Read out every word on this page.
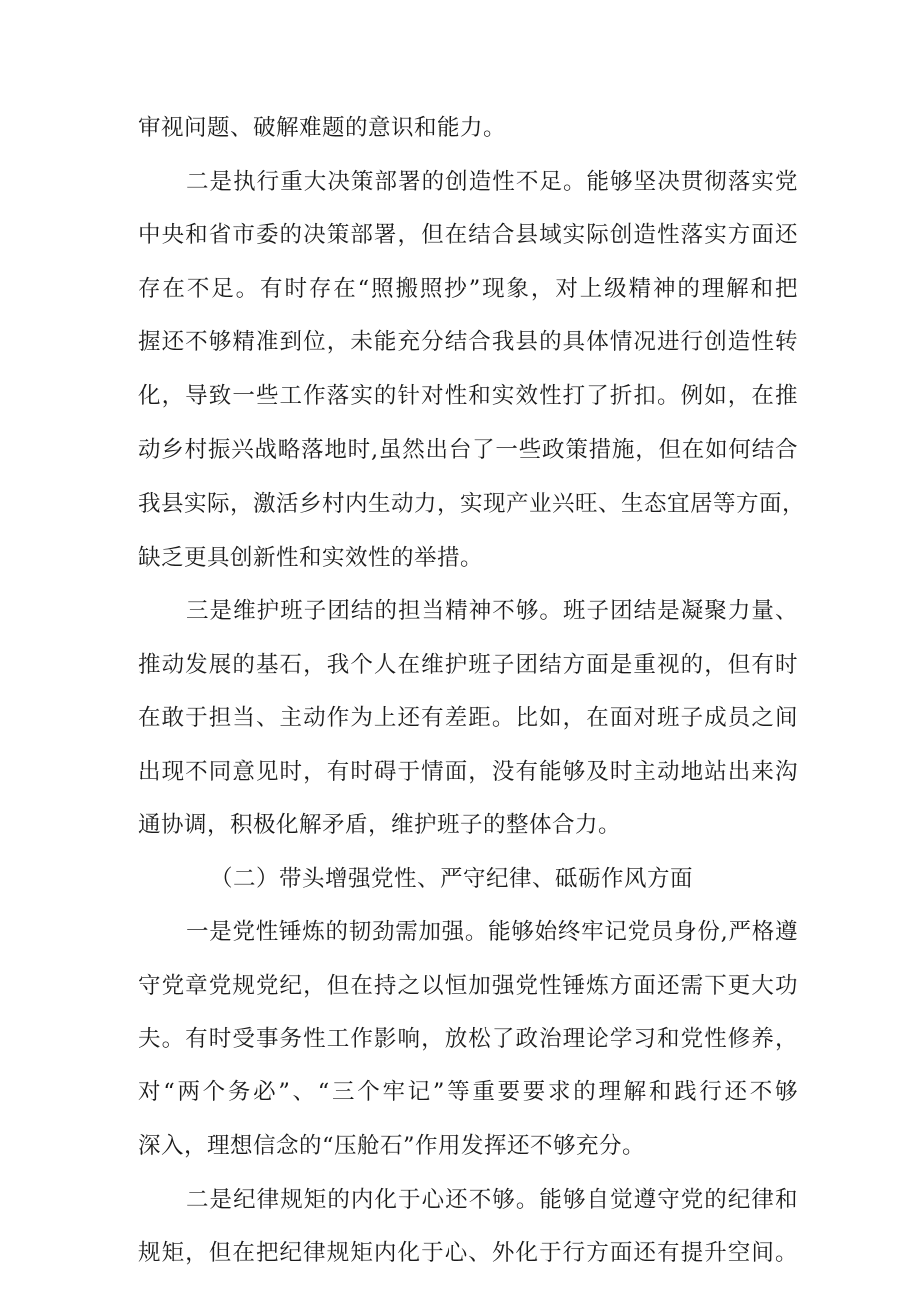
审视问题、破解难题的意识和能力。
二是执行重大决策部署的创造性不足。能够坚决贯彻落实党
中央和省市委的决策部署，但在结合县域实际创造性落实方面还
存在不足。有时存在“照搬照抄”现象，对上级精神的理解和把
握还不够精准到位，未能充分结合我县的具体情况进行创造性转
化，导致一些工作落实的针对性和实效性打了折扣。例如，在推
动乡村振兴战略落地时,虽然出台了一些政策措施，但在如何结合
我县实际，激活乡村内生动力，实现产业兴旺、生态宜居等方面，
缺乏更具创新性和实效性的举措。
三是维护班子团结的担当精神不够。班子团结是凝聚力量、
推动发展的基石，我个人在维护班子团结方面是重视的，但有时
在敢于担当、主动作为上还有差距。比如，在面对班子成员之间
出现不同意见时，有时碍于情面，没有能够及时主动地站出来沟
通协调，积极化解矛盾，维护班子的整体合力。
（二）带头增强党性、严守纪律、砥砺作风方面
一是党性锤炼的韧劲需加强。能够始终牢记党员身份,严格遵
守党章党规党纪，但在持之以恒加强党性锤炼方面还需下更大功
夫。有时受事务性工作影响，放松了政治理论学习和党性修养，
对“两个务必”、“三个牢记”等重要要求的理解和践行还不够
深入，理想信念的“压舱石”作用发挥还不够充分。
二是纪律规矩的内化于心还不够。能够自觉遵守党的纪律和
规矩，但在把纪律规矩内化于心、外化于行方面还有提升空间。
